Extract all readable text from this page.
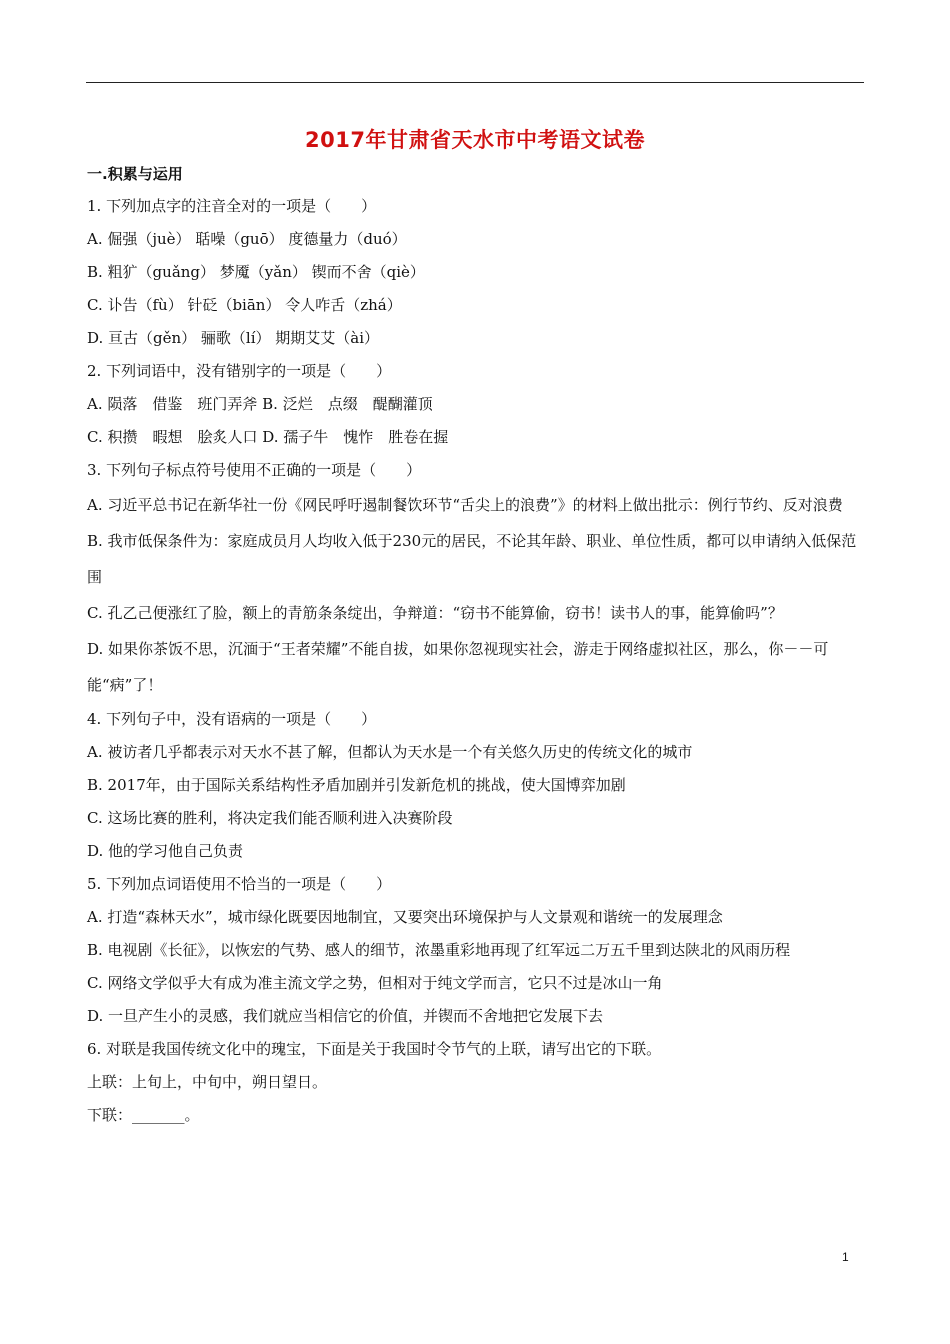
2017年甘肃省天水市中考语文试卷
一.积累与运用
1. 下列加点字的注音全对的一项是（　　）
A. 倔强（juè） 聒噪（guō） 度德量力（duó）
B. 粗犷（guǎng） 梦魇（yǎn） 锲而不舍（qiè）
C. 讣告（fù） 针砭（biān） 令人咋舌（zhá）
D. 亘古（gěn） 骊歌（lí） 期期艾艾（ài）
2. 下列词语中，没有错别字的一项是（　　）
A. 陨落　借鉴　班门弄斧 B. 泛烂　点缀　醍醐灌顶
C. 积攒　暇想　脍炙人口 D. 孺子牛　愧怍　胜卷在握
3. 下列句子标点符号使用不正确的一项是（　　）
A. 习近平总书记在新华社一份《网民呼吁遏制餐饮环节“舌尖上的浪费”》的材料上做出批示：例行节约、反对浪费
B. 我市低保条件为：家庭成员月人均收入低于230元的居民，不论其年龄、职业、单位性质，都可以申请纳入低保范围
C. 孔乙己便涨红了脸，额上的青筋条条绽出，争辩道：“窃书不能算偷，窃书！读书人的事，能算偷吗”？
D. 如果你茶饭不思，沉湎于“王者荣耀”不能自拔，如果你忽视现实社会，游走于网络虚拟社区，那么，你－－可能“病”了！
4. 下列句子中，没有语病的一项是（　　）
A. 被访者几乎都表示对天水不甚了解，但都认为天水是一个有关悠久历史的传统文化的城市
B. 2017年，由于国际关系结构性矛盾加剧并引发新危机的挑战，使大国博弈加剧
C. 这场比赛的胜利，将决定我们能否顺利进入决赛阶段
D. 他的学习他自己负责
5. 下列加点词语使用不恰当的一项是（　　）
A. 打造“森林天水”，城市绿化既要因地制宜，又要突出环境保护与人文景观和谐统一的发展理念
B. 电视剧《长征》，以恢宏的气势、感人的细节，浓墨重彩地再现了红军远二万五千里到达陕北的风雨历程
C. 网络文学似乎大有成为准主流文学之势，但相对于纯文学而言，它只不过是冰山一角
D. 一旦产生小的灵感，我们就应当相信它的价值，并锲而不舍地把它发展下去
6. 对联是我国传统文化中的瑰宝，下面是关于我国时令节气的上联，请写出它的下联。
上联：上旬上，中旬中，朔日望日。
下联：_______。
1
